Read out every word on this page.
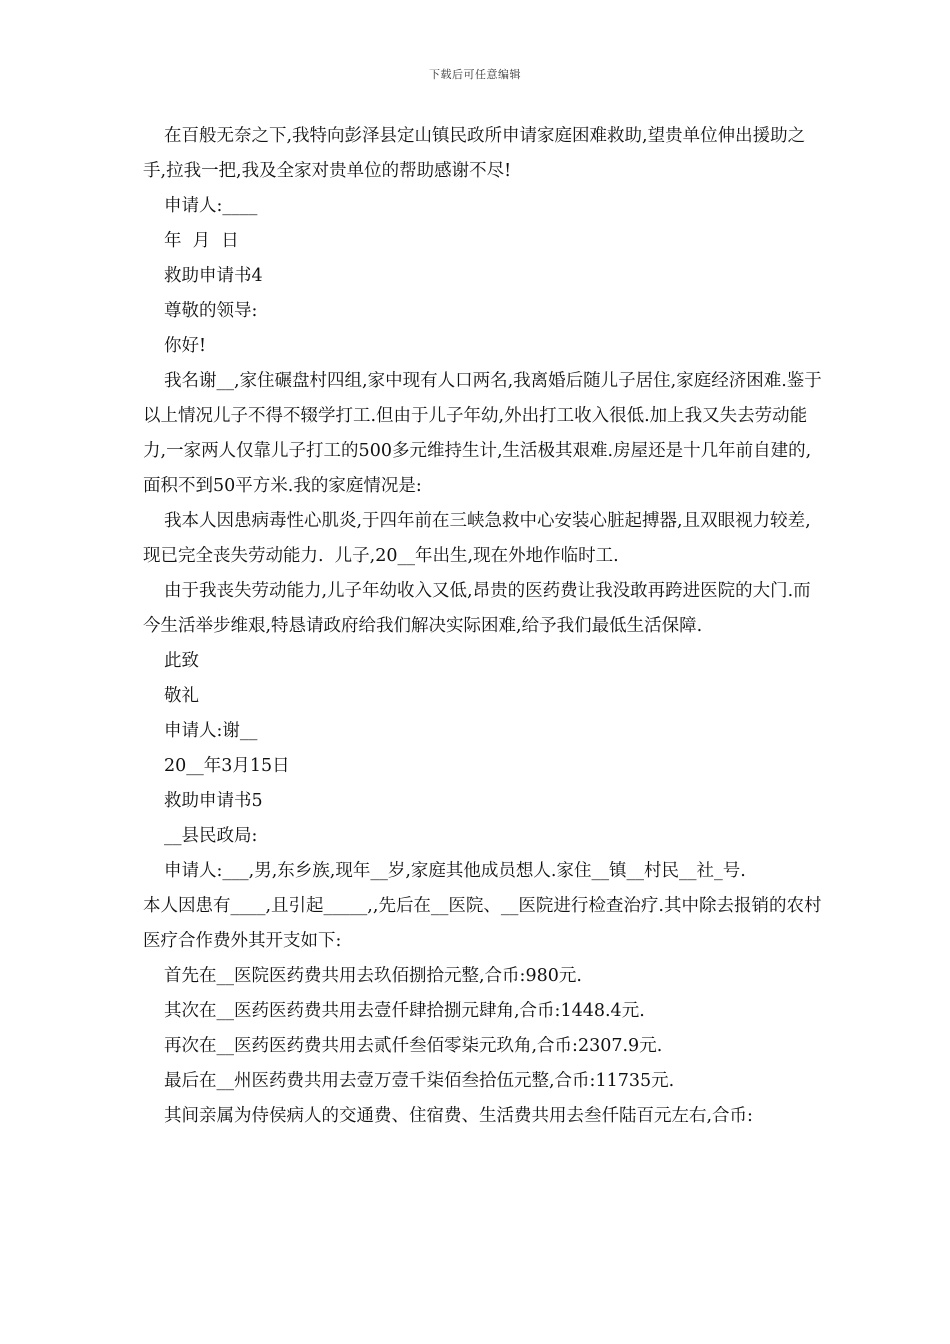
下载后可任意编辑

在百般无奈之下,我特向彭泽县定山镇民政所申请家庭困难救助,望贵单位伸出援助之手,拉我一把,我及全家对贵单位的帮助感谢不尽!

申请人:____

年  月  日

救助申请书4

尊敬的领导:

你好!

我名谢__,家住碾盘村四组,家中现有人口两名,我离婚后随儿子居住,家庭经济困难.鉴于以上情况儿子不得不辍学打工.但由于儿子年幼,外出打工收入很低.加上我又失去劳动能力,一家两人仅靠儿子打工的500多元维持生计,生活极其艰难.房屋还是十几年前自建的,面积不到50平方米.我的家庭情况是:

我本人因患病毒性心肌炎,于四年前在三峡急救中心安装心脏起搏器,且双眼视力较差,现已完全丧失劳动能力.  儿子,20__年出生,现在外地作临时工.

由于我丧失劳动能力,儿子年幼收入又低,昂贵的医药费让我没敢再跨进医院的大门.而今生活举步维艰,特恳请政府给我们解决实际困难,给予我们最低生活保障.

此致

敬礼

申请人:谢__

20__年3月15日

救助申请书5

__县民政局:

申请人:___,男,东乡族,现年__岁,家庭其他成员想人.家住__镇__村民__社_号.

本人因患有____,且引起_____,,先后在__医院、__医院进行检查治疗.其中除去报销的农村医疗合作费外其开支如下:

首先在__医院医药费共用去玖佰捌拾元整,合币:980元.

其次在__医药医药费共用去壹仟肆拾捌元肆角,合币:1448.4元.

再次在__医药医药费共用去贰仟叁佰零柒元玖角,合币:2307.9元.

最后在__州医药费共用去壹万壹千柒佰叁拾伍元整,合币:11735元.

其间亲属为侍侯病人的交通费、住宿费、生活费共用去叁仟陆百元左右,合币:
